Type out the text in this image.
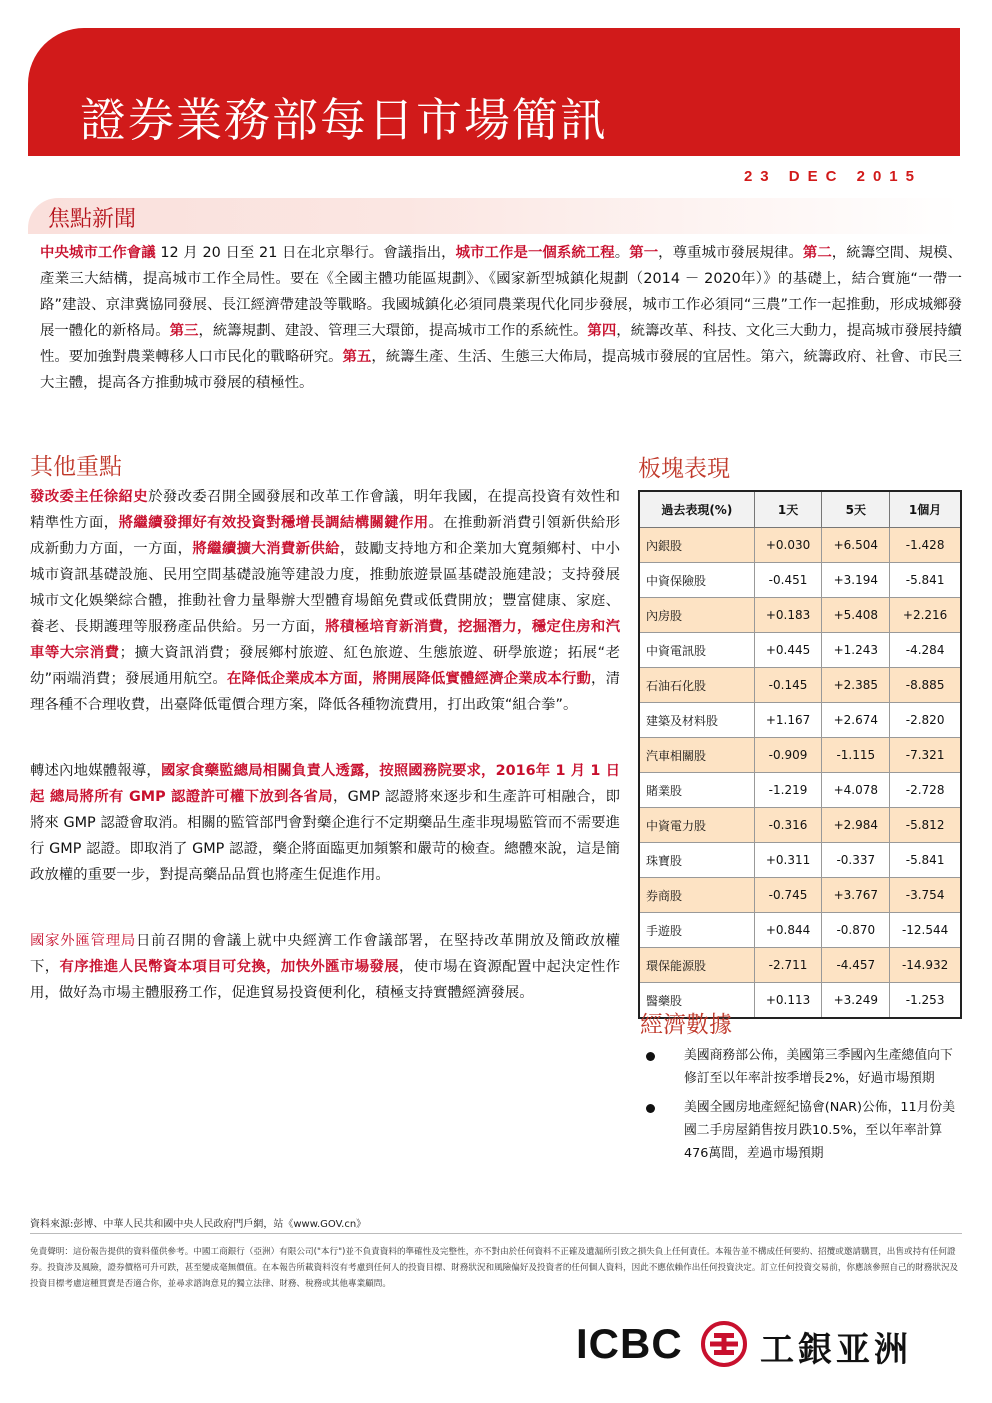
證券業務部每日市場簡訊
23 DEC 2015
焦點新聞
中央城市工作會議 12 月 20 日至 21 日在北京舉行。會議指出，城市工作是一個系統工程。第一，尊重城市發展規律。第二，統籌空間、規模、產業三大結構，提高城市工作全局性。要在《全國主體功能區規劃》、《國家新型城鎮化規劃（2014 － 2020年）》的基礎上，結合實施“一帶一路”建設、京津冀協同發展、長江經濟帶建設等戰略。我國城鎮化必須同農業現代化同步發展，城市工作必須同“三農”工作一起推動，形成城鄉發展一體化的新格局。第三，統籌規劃、建設、管理三大環節，提高城市工作的系統性。第四，統籌改革、科技、文化三大動力，提高城市發展持續性。要加強對農業轉移人口市民化的戰略研究。第五，統籌生產、生活、生態三大佈局，提高城市發展的宜居性。第六，統籌政府、社會、市民三大主體，提高各方推動城市發展的積極性。
其他重點

發改委主任徐紹史於發改委召開全國發展和改革工作會議，明年我國，在提高投資有效性和精準性方面，將繼續發揮好有效投資對穩增長調結構關鍵作用。在推動新消費引領新供給形成新動力方面，一方面，將繼續擴大消費新供給，鼓勵支持地方和企業加大寬頻鄉村、中小城市資訊基礎設施、民用空間基礎設施等建設力度，推動旅遊景區基礎設施建設；支持發展城市文化娛樂綜合體，推動社會力量舉辦大型體育場館免費或低費開放；豐富健康、家庭、養老、長期護理等服務產品供給。另一方面，將積極培育新消費，挖掘潛力，穩定住房和汽車等大宗消費；擴大資訊消費；發展鄉村旅遊、紅色旅遊、生態旅遊、研學旅遊；拓展“老幼”兩端消費；發展通用航空。在降低企業成本方面，將開展降低實體經濟企業成本行動，清理各種不合理收費，出臺降低電價合理方案，降低各種物流費用，打出政策“組合拳”。

轉述內地媒體報導，國家食藥監總局相關負責人透露，按照國務院要求，2016年 1 月 1 日起 總局將所有 GMP 認證許可權下放到各省局，GMP 認證將來逐步和生產許可相融合，即將來 GMP 認證會取消。相關的監管部門會對藥企進行不定期藥品生產非現場監管而不需要進行 GMP 認證。即取消了 GMP 認證，藥企將面臨更加頻繁和嚴苛的檢查。總體來說，這是簡政放權的重要一步，對提高藥品品質也將產生促進作用。

國家外匯管理局日前召開的會議上就中央經濟工作會議部署，在堅持改革開放及簡政放權下，有序推進人民幣資本項目可兌換，加快外匯市場發展，使市場在資源配置中起決定性作用，做好為市場主體服務工作，促進貿易投資便利化，積極支持實體經濟發展。

板塊表現
過去表現(%)	1天	5天	1個月
內銀股	+0.030	+6.504	-1.428
中資保險股	-0.451	+3.194	-5.841
內房股	+0.183	+5.408	+2.216
中資電訊股	+0.445	+1.243	-4.284
石油石化股	-0.145	+2.385	-8.885
建築及材料股	+1.167	+2.674	-2.820
汽車相關股	-0.909	-1.115	-7.321
賭業股	-1.219	+4.078	-2.728
中資電力股	-0.316	+2.984	-5.812
珠寶股	+0.311	-0.337	-5.841
券商股	-0.745	+3.767	-3.754
手遊股	+0.844	-0.870	-12.544
環保能源股	-2.711	-4.457	-14.932
醫藥股	+0.113	+3.249	-1.253
經濟數據
美國商務部公佈，美國第三季國內生產總值向下修訂至以年率計按季增長2%，好過市場預期
美國全國房地產經紀協會(NAR)公佈，11月份美國二手房屋銷售按月跌10.5%，至以年率計算476萬間，差過市場預期
資料來源:彭博、中華人民共和國中央人民政府門戶網，站《www.GOV.cn》
免責聲明：這份報告提供的資料僅供參考。中國工商銀行（亞洲）有限公司("本行")並不負責資料的準確性及完整性，亦不對由於任何資料不正確及遺漏所引致之損失負上任何責任。本報告並不構成任何要約、招攬或邀請購買，出售或持有任何證券。投資涉及風險，證券價格可升可跌，甚至變成毫無價值。在本報告所載資料沒有考慮到任何人的投資目標、財務狀況和風險偏好及投資者的任何個人資料，因此不應依賴作出任何投資決定。訂立任何投資交易前，你應該參照自己的財務狀況及投資目標考慮這種買賣是否適合你，並尋求諮詢意見的獨立法律、財務、稅務或其他專業顧問。
ICBC 工銀亚洲
